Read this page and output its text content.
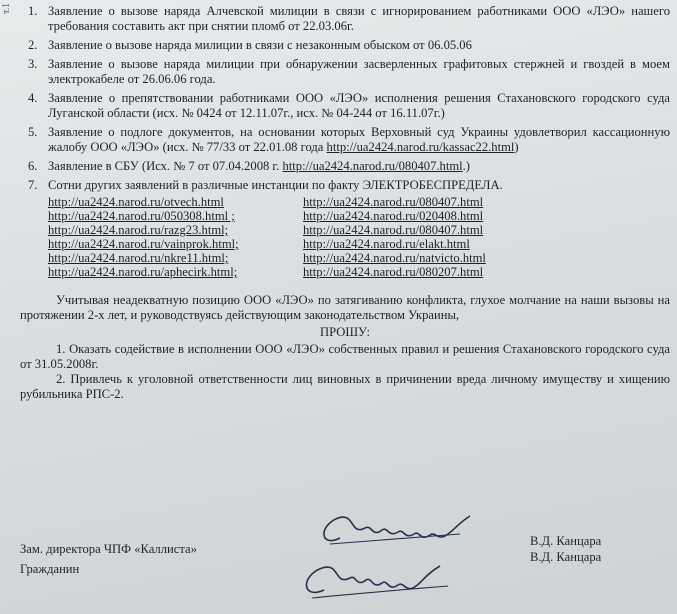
т.1 1. Заявление о вызове наряда Алчевской милиции в связи с игнорированием работниками ООО «ЛЭО» нашего требования составить акт при снятии пломб от 22.03.06г.
2. Заявление о вызове наряда милиции в связи с незаконным обыском от 06.05.06
3. Заявление о вызове наряда милиции при обнаружении засверленных графитовых стержней и гвоздей в моем электрокабеле от 26.06.06 года.
4. Заявление о препятствовании работниками ООО «ЛЭО» исполнения решения Стахановского городского суда Луганской области (исх. № 0424 от 12.11.07г., исх. № 04-244 от 16.11.07г.)
5. Заявление о подлоге документов, на основании которых Верховный суд Украины удовлетворил кассационную жалобу ООО «ЛЭО» (исх. № 77/33 от 22.01.08 года http://ua2424.narod.ru/kassac22.html)
6. Заявление в СБУ (Исх. № 7 от 07.04.2008 г. http://ua2424.narod.ru/080407.html.)
7. Сотни других заявлений в различные инстанции по факту ЭЛЕКТРОБЕСПРЕДЕЛА.
http://ua2424.narod.ru/otvech.html	http://ua2424.narod.ru/080407.html
http://ua2424.narod.ru/050308.html ;	http://ua2424.narod.ru/020408.html
http://ua2424.narod.ru/razg23.html;	http://ua2424.narod.ru/080407.html
http://ua2424.narod.ru/vainprok.html;	http://ua2424.narod.ru/elakt.html
http://ua2424.narod.ru/nkre11.html;	http://ua2424.narod.ru/natvicto.html
http://ua2424.narod.ru/aphecirk.html;	http://ua2424.narod.ru/080207.html
Учитывая неадекватную позицию ООО «ЛЭО» по затягиванию конфликта, глухое молчание на наши вызовы на протяжении 2-х лет, и руководствуясь действующим законодательством Украины,
ПРОШУ:
1. Оказать содействие в исполнении ООО «ЛЭО» собственных правил и решения Стахановского городского суда от 31.05.2008г.
2. Привлечь к уголовной ответственности лиц виновных в причинении вреда личному имуществу и хищению рубильника РПС-2.
Зам. директора ЧПФ «Каллиста»
Гражданин
В.Д. Канцара
В.Д. Канцара
